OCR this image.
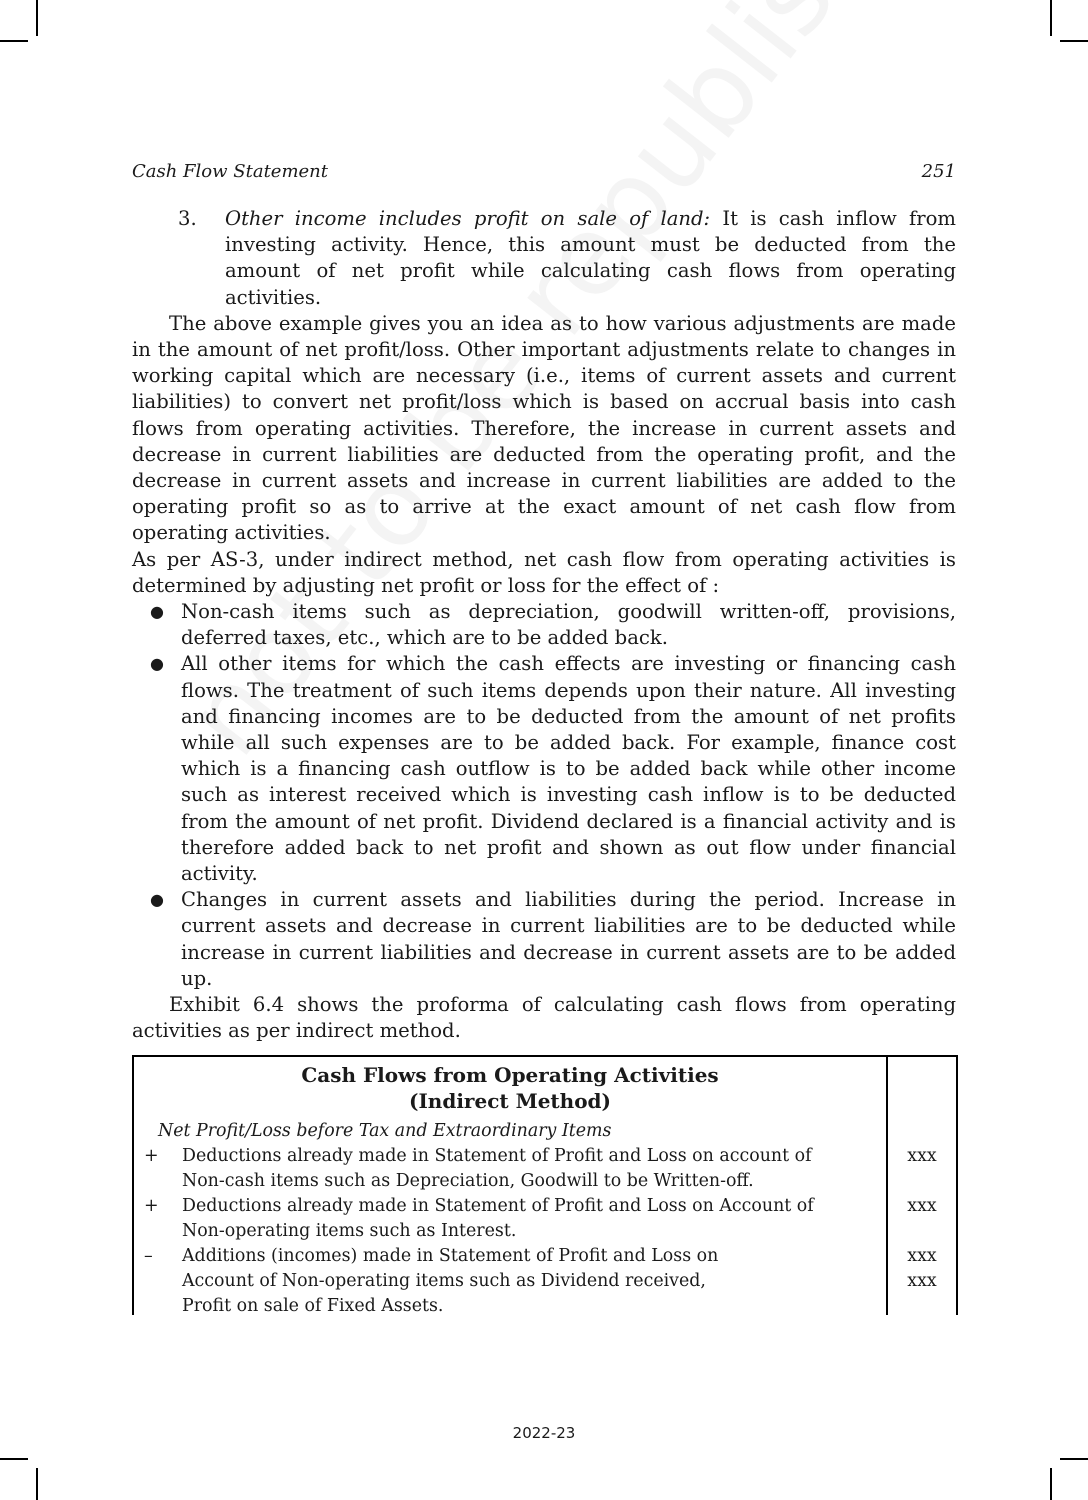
Cash Flow Statement	251
3.	Other income includes profit on sale of land: It is cash inflow from investing activity. Hence, this amount must be deducted from the amount of net profit while calculating cash flows from operating activities.

The above example gives you an idea as to how various adjustments are made in the amount of net profit/loss. Other important adjustments relate to changes in working capital which are necessary (i.e., items of current assets and current liabilities) to convert net profit/loss which is based on accrual basis into cash flows from operating activities. Therefore, the increase in current assets and decrease in current liabilities are deducted from the operating profit, and the decrease in current assets and increase in current liabilities are added to the operating profit so as to arrive at the exact amount of net cash flow from operating activities.

As per AS-3, under indirect method, net cash flow from operating activities is determined by adjusting net profit or loss for the effect of :

● Non-cash items such as depreciation, goodwill written-off, provisions, deferred taxes, etc., which are to be added back.
● All other items for which the cash effects are investing or financing cash flows. The treatment of such items depends upon their nature. All investing and financing incomes are to be deducted from the amount of net profits while all such expenses are to be added back. For example, finance cost which is a financing cash outflow is to be added back while other income such as interest received which is investing cash inflow is to be deducted from the amount of net profit. Dividend declared is a financial activity and is therefore added back to net profit and shown as out flow under financial activity.
● Changes in current assets and liabilities during the period. Increase in current assets and decrease in current liabilities are to be deducted while increase in current liabilities and decrease in current assets are to be added up.

Exhibit 6.4 shows the proforma of calculating cash flows from operating activities as per indirect method.

Cash Flows from Operating Activities
(Indirect Method)
Net Profit/Loss before Tax and Extraordinary Items
+	Deductions already made in Statement of Profit and Loss on account of	xxx
Non-cash items such as Depreciation, Goodwill to be Written-off.
+	Deductions already made in Statement of Profit and Loss on Account of	xxx
Non-operating items such as Interest.
–	Additions (incomes) made in Statement of Profit and Loss on	xxx
Account of Non-operating items such as Dividend received,	xxx
Profit on sale of Fixed Assets.
2022-23
